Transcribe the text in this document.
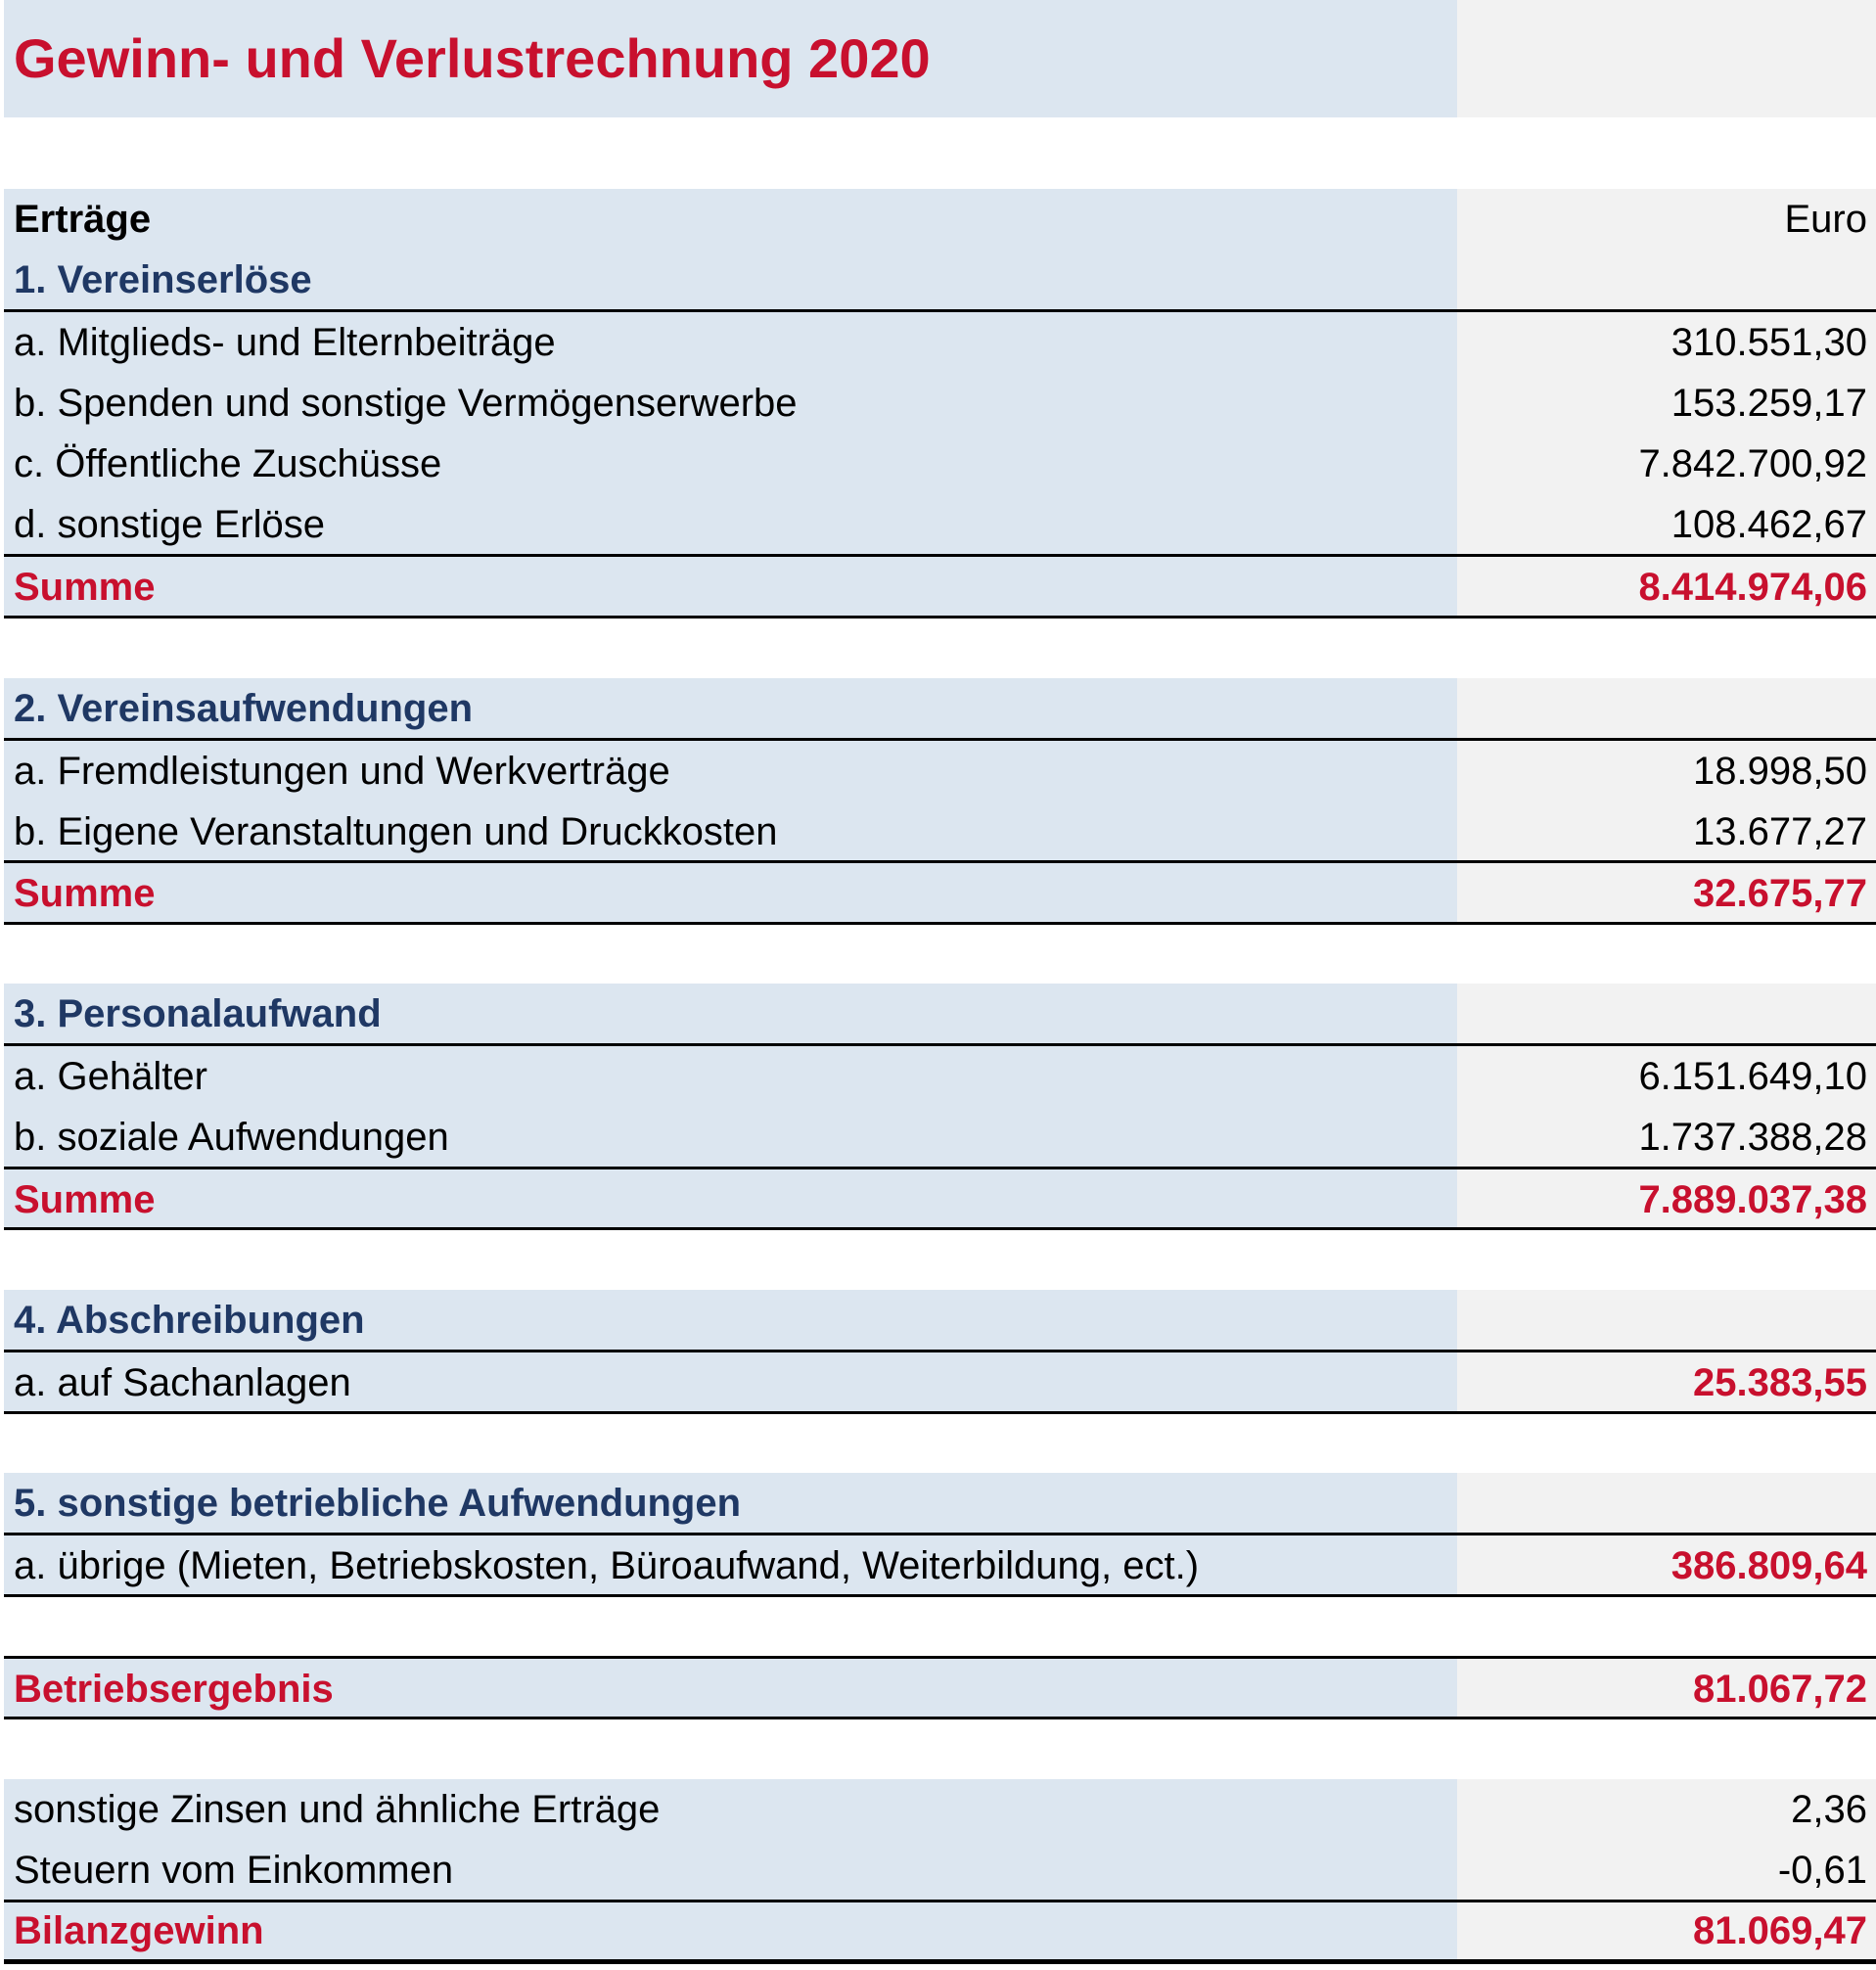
Gewinn- und Verlustrechnung 2020
Erträge	Euro
1. Vereinserlöse
a. Mitglieds- und Elternbeiträge	310.551,30
b. Spenden und sonstige Vermögenserwerbe	153.259,17
c. Öffentliche Zuschüsse	7.842.700,92
d. sonstige Erlöse	108.462,67
Summe	8.414.974,06
2. Vereinsaufwendungen
a. Fremdleistungen und Werkverträge	18.998,50
b. Eigene Veranstaltungen und Druckkosten	13.677,27
Summe	32.675,77
3. Personalaufwand
a. Gehälter	6.151.649,10
b. soziale Aufwendungen	1.737.388,28
Summe	7.889.037,38
4. Abschreibungen
a. auf Sachanlagen	25.383,55
5. sonstige betriebliche Aufwendungen
a. übrige (Mieten, Betriebskosten, Büroaufwand, Weiterbildung, ect.)	386.809,64
Betriebsergebnis	81.067,72
sonstige Zinsen und ähnliche Erträge	2,36
Steuern vom Einkommen	-0,61
Bilanzgewinn	81.069,47
